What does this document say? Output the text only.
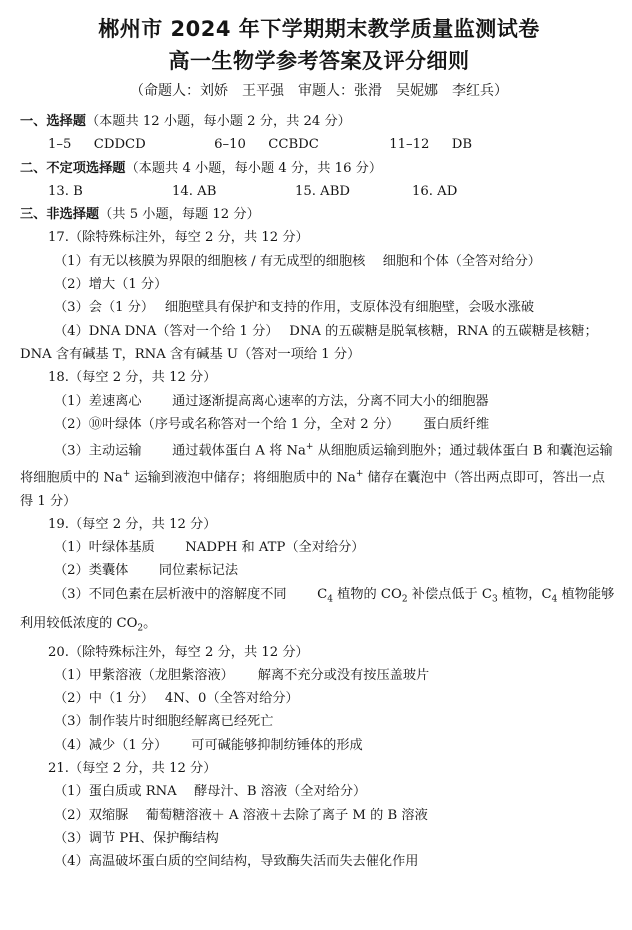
郴州市 2024 年下学期期末教学质量监测试卷
高一生物学参考答案及评分细则
（命题人：刘娇　王平强　审题人：张滑　吴妮娜　李红兵）
一、选择题（本题共 12 小题，每小题 2 分，共 24 分）
1–5 CDDCD	6–10 CCBDC	11–12 DB
二、不定项选择题（本题共 4 小题，每小题 4 分，共 16 分）
13. B	14. AB	15. ABD	16. AD
三、非选择题（共 5 小题，每题 12 分）
17.（除特殊标注外，每空 2 分，共 12 分）
（1）有无以核膜为界限的细胞核 / 有无成型的细胞核　 细胞和个体（全答对给分）
（2）增大（1 分）
（3）会（1 分）　 细胞壁具有保护和支持的作用，支原体没有细胞壁，会吸水涨破
（4）DNA DNA（答对一个给 1 分）　 DNA 的五碳糖是脱氧核糖，RNA 的五碳糖是核糖；DNA 含有碱基 T，RNA 含有碱基 U（答对一项给 1 分）
18.（每空 2 分，共 12 分）
（1）差速离心　　 通过逐渐提高离心速率的方法，分离不同大小的细胞器
（2）⑩叶绿体（序号或名称答对一个给 1 分，全对 2 分）　　 蛋白质纤维
（3）主动运输　　 通过载体蛋白 A 将 Na+ 从细胞质运输到胞外；通过载体蛋白 B 和囊泡运输将细胞质中的 Na+ 运输到液泡中储存；将细胞质中的 Na+ 储存在囊泡中（答出两点即可，答出一点得 1 分）
19.（每空 2 分，共 12 分）
（1）叶绿体基质　　 NADPH 和 ATP（全对给分）
（2）类囊体　　 同位素标记法
（3）不同色素在层析液中的溶解度不同　　 $C_4$ 植物的 $CO_2$ 补偿点低于 $C_3$ 植物，$C_4$ 植物能够利用较低浓度的 $CO_2$。
20.（除特殊标注外，每空 2 分，共 12 分）
（1）甲紫溶液（龙胆紫溶液）　　 解离不充分或没有按压盖玻片
（2）中（1 分）　 4N、0（全答对给分）
（3）制作装片时细胞经解离已经死亡
（4）减少（1 分）　　 可可碱能够抑制纺锤体的形成
21.（每空 2 分，共 12 分）
（1）蛋白质或 RNA　 酵母汁、B 溶液（全对给分）
（2）双缩脲　 葡萄糖溶液＋ A 溶液＋去除了离子 M 的 B 溶液
（3）调节 PH、保护酶结构
（4）高温破坏蛋白质的空间结构，导致酶失活而失去催化作用
